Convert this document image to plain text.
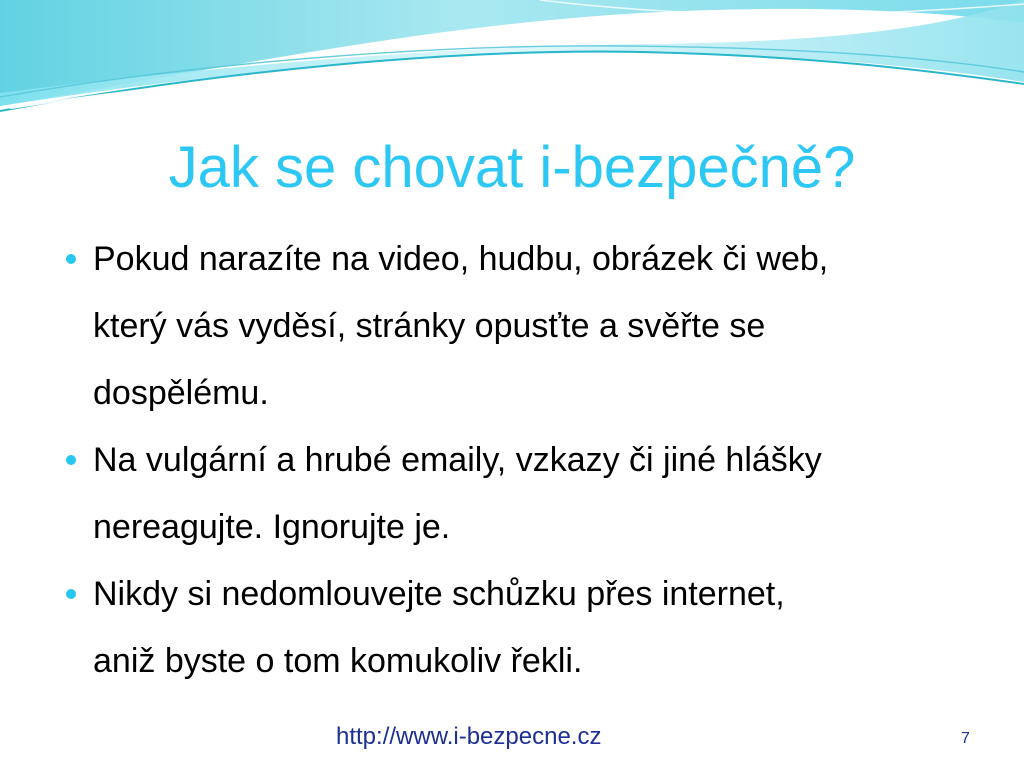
Jak se chovat i-bezpečně?
Pokud narazíte na video, hudbu, obrázek či web,
který vás vyděsí, stránky opusťte a svěřte se
dospělému.
Na vulgární a hrubé emaily, vzkazy či jiné hlášky
nereagujte. Ignorujte je.
Nikdy si nedomlouvejte schůzku přes internet,
aniž byste o tom komukoliv řekli.
http://www.i-bezpecne.cz	7
